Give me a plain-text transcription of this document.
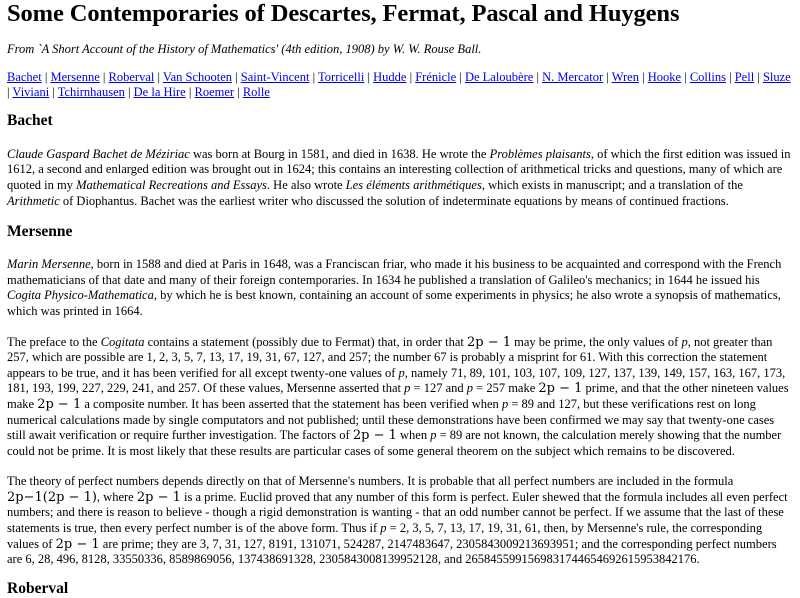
Some Contemporaries of Descartes, Fermat, Pascal and Huygens

From `A Short Account of the History of Mathematics' (4th edition, 1908) by W. W. Rouse Ball.

Bachet | Mersenne | Roberval | Van Schooten | Saint-Vincent | Torricelli | Hudde | Frénicle | De Laloubère | N. Mercator | Wren | Hooke | Collins | Pell | Sluze | Viviani | Tchirnhausen | De la Hire | Roemer | Rolle

Bachet

Claude Gaspard Bachet de Méziriac was born at Bourg in 1581, and died in 1638. He wrote the Problèmes plaisants, of which the first edition was issued in 1612, a second and enlarged edition was brought out in 1624; this contains an interesting collection of arithmetical tricks and questions, many of which are quoted in my Mathematical Recreations and Essays. He also wrote Les éléments arithmétiques, which exists in manuscript; and a translation of the Arithmetic of Diophantus. Bachet was the earliest writer who discussed the solution of indeterminate equations by means of continued fractions.

Mersenne

Marin Mersenne, born in 1588 and died at Paris in 1648, was a Franciscan friar, who made it his business to be acquainted and correspond with the French mathematicians of that date and many of their foreign contemporaries. In 1634 he published a translation of Galileo's mechanics; in 1644 he issued his Cogita Physico-Mathematica, by which he is best known, containing an account of some experiments in physics; he also wrote a synopsis of mathematics, which was printed in 1664.

The preface to the Cogitata contains a statement (possibly due to Fermat) that, in order that 2p − 1 may be prime, the only values of p, not greater than 257, which are possible are 1, 2, 3, 5, 7, 13, 17, 19, 31, 67, 127, and 257; the number 67 is probably a misprint for 61. With this correction the statement appears to be true, and it has been verified for all except twenty-one values of p, namely 71, 89, 101, 103, 107, 109, 127, 137, 139, 149, 157, 163, 167, 173, 181, 193, 199, 227, 229, 241, and 257. Of these values, Mersenne asserted that p = 127 and p = 257 make 2p − 1 prime, and that the other nineteen values make 2p − 1 a composite number. It has been asserted that the statement has been verified when p = 89 and 127, but these verifications rest on long numerical calculations made by single computators and not published; until these demonstrations have been confirmed we may say that twenty-one cases still await verification or require further investigation. The factors of 2p − 1 when p = 89 are not known, the calculation merely showing that the number could not be prime. It is most likely that these results are particular cases of some general theorem on the subject which remains to be discovered.

The theory of perfect numbers depends directly on that of Mersenne's numbers. It is probable that all perfect numbers are included in the formula 2p−1(2p − 1), where 2p − 1 is a prime. Euclid proved that any number of this form is perfect. Euler shewed that the formula includes all even perfect numbers; and there is reason to believe - though a rigid demonstration is wanting - that an odd number cannot be perfect. If we assume that the last of these statements is true, then every perfect number is of the above form. Thus if p = 2, 3, 5, 7, 13, 17, 19, 31, 61, then, by Mersenne's rule, the corresponding values of 2p − 1 are prime; they are 3, 7, 31, 127, 8191, 131071, 524287, 2147483647, 2305843009213693951; and the corresponding perfect numbers are 6, 28, 496, 8128, 33550336, 8589869056, 137438691328, 2305843008139952128, and 2658455991569831744654692615953842176.

Roberval
